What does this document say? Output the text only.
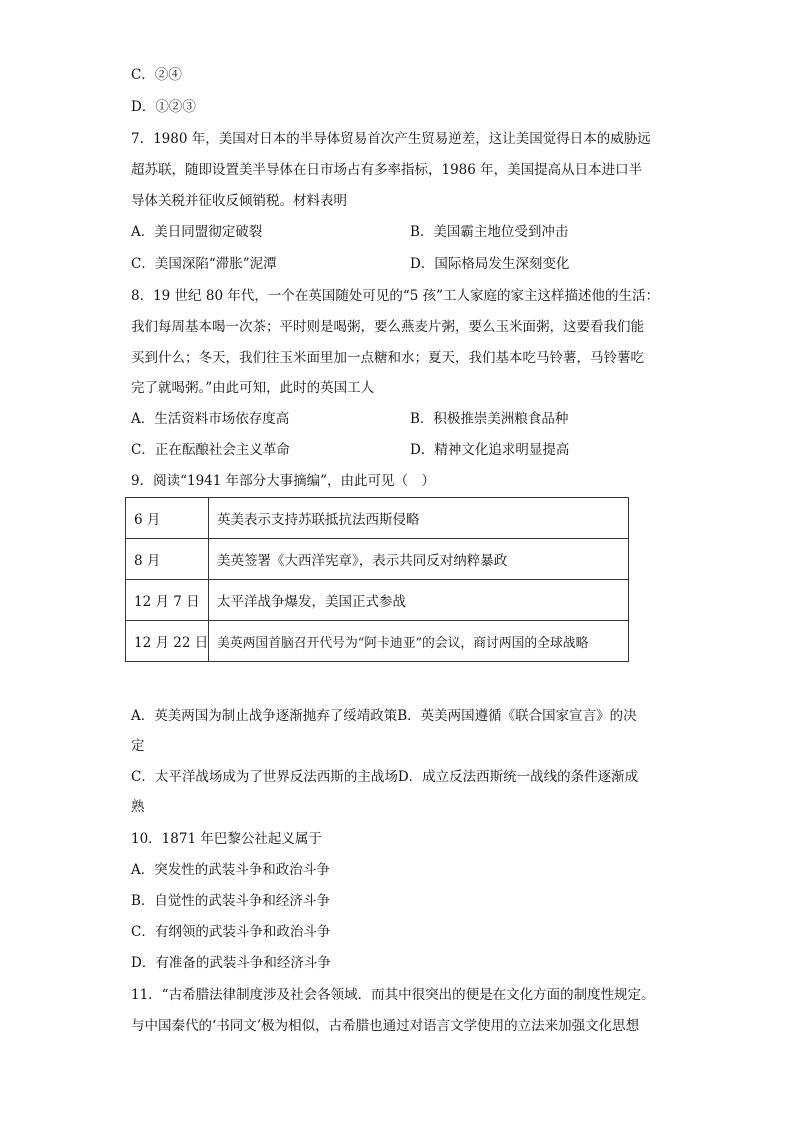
C．②④
D．①②③
7．1980 年，美国对日本的半导体贸易首次产生贸易逆差，这让美国觉得日本的威胁远
超苏联，随即设置美半导体在日市场占有多率指标，1986 年，美国提高从日本进口半
导体关税并征收反倾销税。材料表明
A．美日同盟彻定破裂	B．美国霸主地位受到冲击
C．美国深陷“滞胀”泥潭	D．国际格局发生深刻变化
8．19 世纪 80 年代，一个在英国随处可见的“5 孩”工人家庭的家主这样描述他的生活：
我们每周基本喝一次茶；平时则是喝粥，要么燕麦片粥，要么玉米面粥，这要看我们能
买到什么；冬天，我们往玉米面里加一点糖和水；夏天，我们基本吃马铃薯，马铃薯吃
完了就喝粥。”由此可知，此时的英国工人
A．生活资料市场依存度高	B．积极推崇美洲粮食品种
C．正在酝酿社会主义革命	D．精神文化追求明显提高
9．阅读“1941 年部分大事摘编”，由此可见（　）
6 月	英美表示支持苏联抵抗法西斯侵略
8 月	美英签署《大西洋宪章》，表示共同反对纳粹暴政
12 月 7 日	太平洋战争爆发，美国正式参战
12 月 22 日	美英两国首脑召开代号为“阿卡迪亚”的会议，商讨两国的全球战略
A．英美两国为制止战争逐渐抛弃了绥靖政策B．英美两国遵循《联合国家宣言》的决
定
C．太平洋战场成为了世界反法西斯的主战场D．成立反法西斯统一战线的条件逐渐成
熟
10．1871 年巴黎公社起义属于
A．突发性的武装斗争和政治斗争
B．自觉性的武装斗争和经济斗争
C．有纲领的武装斗争和政治斗争
D．有准备的武装斗争和经济斗争
11．“古希腊法律制度涉及社会各领域．而其中很突出的便是在文化方面的制度性规定。
与中国秦代的‘书同文’极为相似，古希腊也通过对语言文学使用的立法来加强文化思想
